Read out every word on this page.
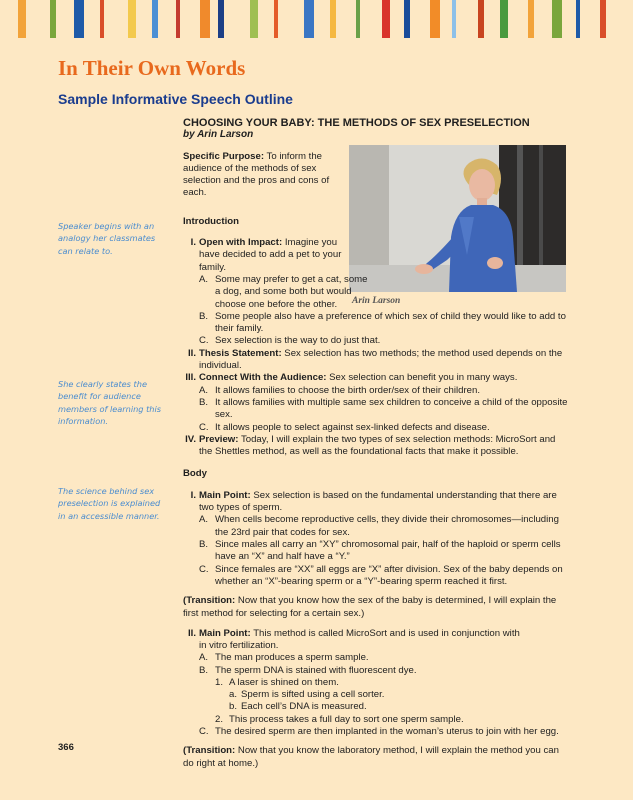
In Their Own Words
Sample Informative Speech Outline

Speaker begins with an analogy her classmates can relate to.

She clearly states the benefit for audience members of learning this information.

The science behind sex preselection is explained in an accessible manner.

Arin Larson

CHOOSING YOUR BABY: THE METHODS OF SEX PRESELECTION

by Arin Larson

Specific Purpose: To inform the audience of the methods of sex selection and the pros and cons of each.

Introduction

I. Open with Impact: Imagine you have decided to add a pet to your family.
A. Some may prefer to get a cat, some a dog, and some both but would choose one before the other.
B. Some people also have a preference of which sex of child they would like to add to their family.
C. Sex selection is the way to do just that.
II. Thesis Statement: Sex selection has two methods; the method used depends on the individual.
III. Connect With the Audience: Sex selection can benefit you in many ways.
A. It allows families to choose the birth order/sex of their children.
B. It allows families with multiple same sex children to conceive a child of the opposite sex.
C. It allows people to select against sex-linked defects and disease.
IV. Preview: Today, I will explain the two types of sex selection methods: MicroSort and the Shettles method, as well as the foundational facts that make it possible.

Body

I. Main Point: Sex selection is based on the fundamental understanding that there are two types of sperm.
A. When cells become reproductive cells, they divide their chromosomes—including the 23rd pair that codes for sex.
B. Since males all carry an “XY” chromosomal pair, half of the haploid or sperm cells have an “X” and half have a “Y.”
C. Since females are “XX” all eggs are “X” after division. Sex of the baby depends on whether an “X”-bearing sperm or a “Y”-bearing sperm reached it first.

(Transition: Now that you know how the sex of the baby is determined, I will explain the first method for selecting for a certain sex.)

II. Main Point: This method is called MicroSort and is used in conjunction with in vitro fertilization.
A. The man produces a sperm sample.
B. The sperm DNA is stained with fluorescent dye.
1. A laser is shined on them.
a. Sperm is sifted using a cell sorter.
b. Each cell’s DNA is measured.
2. This process takes a full day to sort one sperm sample.
C. The desired sperm are then implanted in the woman’s uterus to join with her egg.

(Transition: Now that you know the laboratory method, I will explain the method you can do right at home.)

366
